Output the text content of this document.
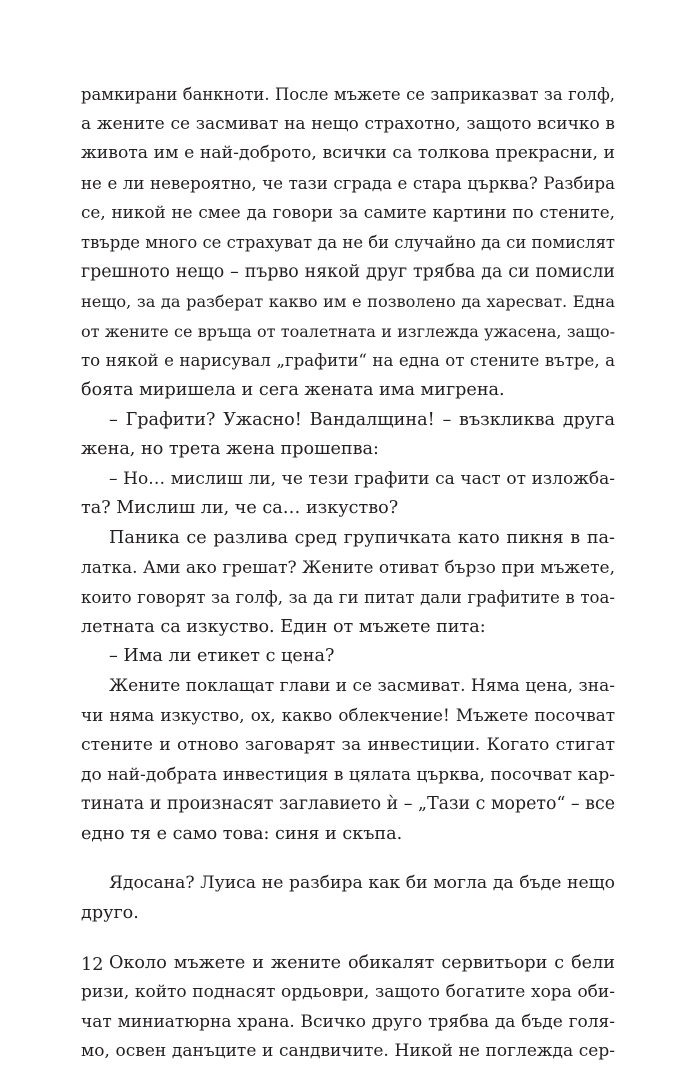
рамкирани банкноти. После мъжете се заприказват за голф,
а жените се засмиват на нещо страхотно, защото всичко в
живота им е най-доброто, всички са толкова прекрасни, и
не е ли невероятно, че тази сграда е стара църква? Разбира
се, никой не смее да говори за самите картини по стените,
твърде много се страхуват да не би случайно да си помислят
грешното нещо – първо някой друг трябва да си помисли
нещо, за да разберат какво им е позволено да харесват. Една
от жените се връща от тоалетната и изглежда ужасена, защо-
то някой е нарисувал „графити“ на една от стените вътре, а
боята миришела и сега жената има мигрена.
– Графити? Ужасно! Вандалщина! – възкликва друга
жена, но трета жена прошепва:
– Но… мислиш ли, че тези графити са част от изложба-
та? Мислиш ли, че са… изкуство?
Паника се разлива сред групичката като пикня в па-
латка. Ами ако грешат? Жените отиват бързо при мъжете,
които говорят за голф, за да ги питат дали графитите в тоа-
летната са изкуство. Един от мъжете пита:
– Има ли етикет с цена?
Жените поклащат глави и се засмиват. Няма цена, зна-
чи няма изкуство, ох, какво облекчение! Мъжете посочват
стените и отново заговарят за инвестиции. Когато стигат
до най-добрата инвестиция в цялата църква, посочват кар-
тината и произнасят заглавието ѝ – „Тази с морето“ – все
едно тя е само това: синя и скъпа.
Ядосана? Луиса не разбира как би могла да бъде нещо
друго.
Около мъжете и жените обикалят сервитьори с бели
ризи, който поднасят ордьоври, защото богатите хора оби-
чат миниатюрна храна. Всичко друго трябва да бъде голя-
мо, освен данъците и сандвичите. Никой не поглежда сер-
12
